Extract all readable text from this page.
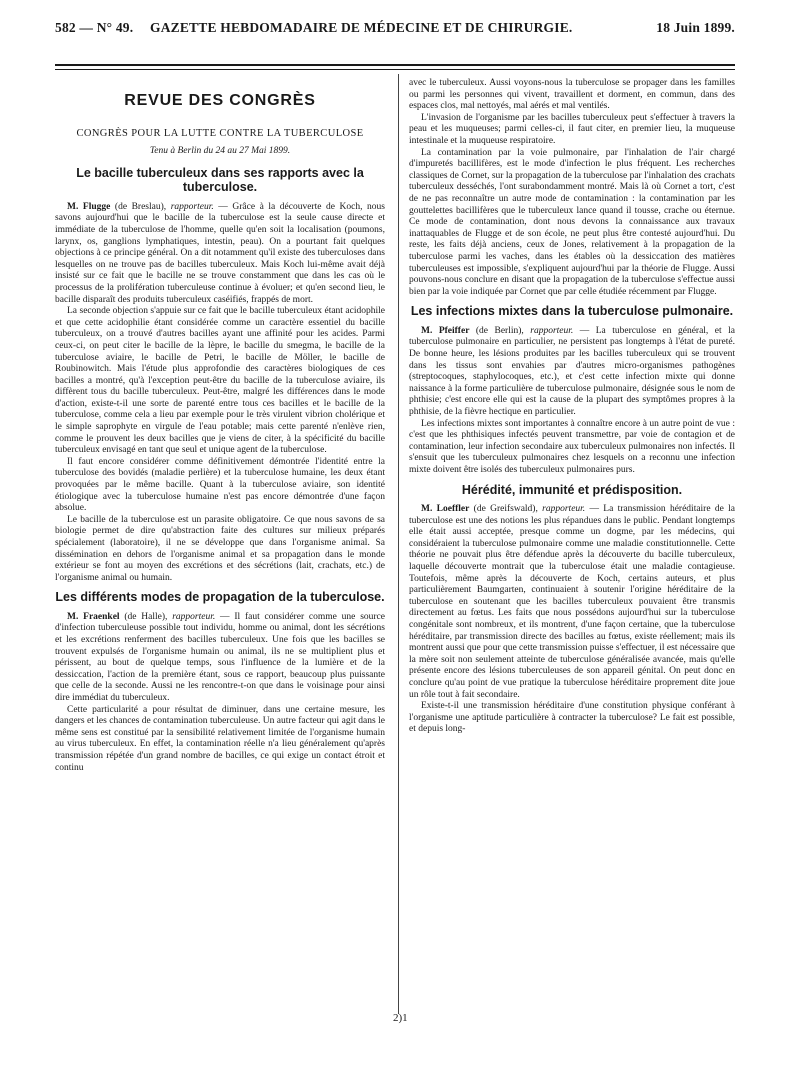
582 — N° 49. GAZETTE HEBDOMADAIRE DE MÉDECINE ET DE CHIRURGIE.	18 Juin 1899.
REVUE DES CONGRÈS
CONGRÈS POUR LA LUTTE CONTRE LA TUBERCULOSE
Tenu à Berlin du 24 au 27 Mai 1899.
Le bacille tuberculeux dans ses rapports avec la tuberculose.

M. Flugge (de Breslau), rapporteur. — Grâce à la découverte de Koch, nous savons aujourd'hui que le bacille de la tuberculose est la seule cause directe et immédiate de la tuberculose de l'homme, quelle qu'en soit la localisation (poumons, larynx, os, ganglions lymphatiques, intestin, peau). On a pourtant fait quelques objections à ce principe général. On a dit notamment qu'il existe des tuberculoses dans lesquelles on ne trouve pas de bacilles tuberculeux. Mais Koch lui-même avait déjà insisté sur ce fait que le bacille ne se trouve constamment que dans les cas où le processus de la prolifération tuberculeuse continue à évoluer; et qu'en second lieu, le bacille disparaît des produits tuberculeux caséifiés, frappés de mort.

La seconde objection s'appuie sur ce fait que le bacille tuberculeux étant acidophile et que cette acidophilie étant considérée comme un caractère essentiel du bacille tuberculeux, on a trouvé d'autres bacilles ayant une affinité pour les acides. Parmi ceux-ci, on peut citer le bacille de la lèpre, le bacille du smegma, le bacille de la tuberculose aviaire, le bacille de Petri, le bacille de Möller, le bacille de Roubinowitch. Mais l'étude plus approfondie des caractères biologiques de ces bacilles a montré, qu'à l'exception peut-être du bacille de la tuberculose aviaire, ils diffèrent tous du bacille tuberculeux. Peut-être, malgré les différences dans le mode d'action, existe-t-il une sorte de parenté entre tous ces bacilles et le bacille de la tuberculose, comme cela a lieu par exemple pour le très virulent vibrion cholérique et le simple saprophyte en virgule de l'eau potable; mais cette parenté n'enlève rien, comme le prouvent les deux bacilles que je viens de citer, à la spécificité du bacille tuberculeux envisagé en tant que seul et unique agent de la tuberculose.

Il faut encore considérer comme définitivement démontrée l'identité entre la tuberculose des bovidés (maladie perlière) et la tuberculose humaine, les deux étant provoquées par le même bacille. Quant à la tuberculose aviaire, son identité étiologique avec la tuberculose humaine n'est pas encore démontrée d'une façon absolue.

Le bacille de la tuberculose est un parasite obligatoire. Ce que nous savons de sa biologie permet de dire qu'abstraction faite des cultures sur milieux préparés spécialement (laboratoire), il ne se développe que dans l'organisme animal. Sa dissémination en dehors de l'organisme animal et sa propagation dans le monde extérieur se font au moyen des excrétions et des sécrétions (lait, crachats, etc.) de l'organisme animal ou humain.

Les différents modes de propagation de la tuberculose.

M. Fraenkel (de Halle), rapporteur. — Il faut considérer comme une source d'infection tuberculeuse possible tout individu, homme ou animal, dont les sécrétions et les excrétions renferment des bacilles tuberculeux. Une fois que les bacilles se trouvent expulsés de l'organisme humain ou animal, ils ne se multiplient plus et périssent, au bout de quelque temps, sous l'influence de la lumière et de la dessiccation, l'action de la première étant, sous ce rapport, beaucoup plus puissante que celle de la seconde. Aussi ne les rencontre-t-on que dans le voisinage pour ainsi dire immédiat du tuberculeux.

Cette particularité a pour résultat de diminuer, dans une certaine mesure, les dangers et les chances de contamination tuberculeuse. Un autre facteur qui agit dans le même sens est constitué par la sensibilité relativement limitée de l'organisme humain au virus tuberculeux. En effet, la contamination réelle n'a lieu généralement qu'après transmission répétée d'un grand nombre de bacilles, ce qui exige un contact étroit et continu

avec le tuberculeux. Aussi voyons-nous la tuberculose se propager dans les familles ou parmi les personnes qui vivent, travaillent et dorment, en commun, dans des espaces clos, mal nettoyés, mal aérés et mal ventilés.

L'invasion de l'organisme par les bacilles tuberculeux peut s'effectuer à travers la peau et les muqueuses; parmi celles-ci, il faut citer, en premier lieu, la muqueuse intestinale et la muqueuse respiratoire.

La contamination par la voie pulmonaire, par l'inhalation de l'air chargé d'impuretés bacillifères, est le mode d'infection le plus fréquent. Les recherches classiques de Cornet, sur la propagation de la tuberculose par l'inhalation des crachats tuberculeux desséchés, l'ont surabondamment montré. Mais là où Cornet a tort, c'est de ne pas reconnaître un autre mode de contamination : la contamination par les gouttelettes bacillifères que le tuberculeux lance quand il tousse, crache ou éternue. Ce mode de contamination, dont nous devons la connaissance aux travaux inattaquables de Flugge et de son école, ne peut plus être contesté aujourd'hui. Du reste, les faits déjà anciens, ceux de Jones, relativement à la propagation de la tuberculose parmi les vaches, dans les étables où la dessiccation des matières tuberculeuses est impossible, s'expliquent aujourd'hui par la théorie de Flugge. Aussi pouvons-nous conclure en disant que la propagation de la tuberculose s'effectue aussi bien par la voie indiquée par Cornet que par celle étudiée récemment par Flugge.

Les infections mixtes dans la tuberculose pulmonaire.

M. Pfeiffer (de Berlin), rapporteur. — La tuberculose en général, et la tuberculose pulmonaire en particulier, ne persistent pas longtemps à l'état de pureté. De bonne heure, les lésions produites par les bacilles tuberculeux qui se trouvent dans les tissus sont envahies par d'autres micro-organismes pathogènes (streptocoques, staphylocoques, etc.), et c'est cette infection mixte qui donne naissance à la forme particulière de tuberculose pulmonaire, désignée sous le nom de phthisie; c'est encore elle qui est la cause de la plupart des symptômes propres à la phthisie, de la fièvre hectique en particulier.

Les infections mixtes sont importantes à connaître encore à un autre point de vue : c'est que les phthisiques infectés peuvent transmettre, par voie de contagion et de contamination, leur infection secondaire aux tuberculeux pulmonaires non infectés. Il s'ensuit que les tuberculeux pulmonaires chez lesquels on a reconnu une infection mixte doivent être isolés des tuberculeux pulmonaires purs.

Hérédité, immunité et prédisposition.

M. Loeffler (de Greifswald), rapporteur. — La transmission héréditaire de la tuberculose est une des notions les plus répandues dans le public. Pendant longtemps elle était aussi acceptée, presque comme un dogme, par les médecins, qui considéraient la tuberculose pulmonaire comme une maladie constitutionnelle. Cette théorie ne pouvait plus être défendue après la découverte du bacille tuberculeux, laquelle découverte montrait que la tuberculose était une maladie contagieuse. Toutefois, même après la découverte de Koch, certains auteurs, et plus particulièrement Baumgarten, continuaient à soutenir l'origine héréditaire de la tuberculose en soutenant que les bacilles tuberculeux pouvaient être transmis directement au fœtus. Les faits que nous possédons aujourd'hui sur la tuberculose congénitale sont nombreux, et ils montrent, d'une façon certaine, que la tuberculose héréditaire, par transmission directe des bacilles au fœtus, existe réellement; mais ils montrent aussi que pour que cette transmission puisse s'effectuer, il est nécessaire que la mère soit non seulement atteinte de tuberculose généralisée avancée, mais qu'elle présente encore des lésions tuberculeuses de son appareil génital. On peut donc en conclure qu'au point de vue pratique la tuberculose héréditaire proprement dite joue un rôle tout à fait secondaire.

Existe-t-il une transmission héréditaire d'une constitution physique conférant à l'organisme une aptitude particulière à contracter la tuberculose? Le fait est possible, et depuis long-

2)1
